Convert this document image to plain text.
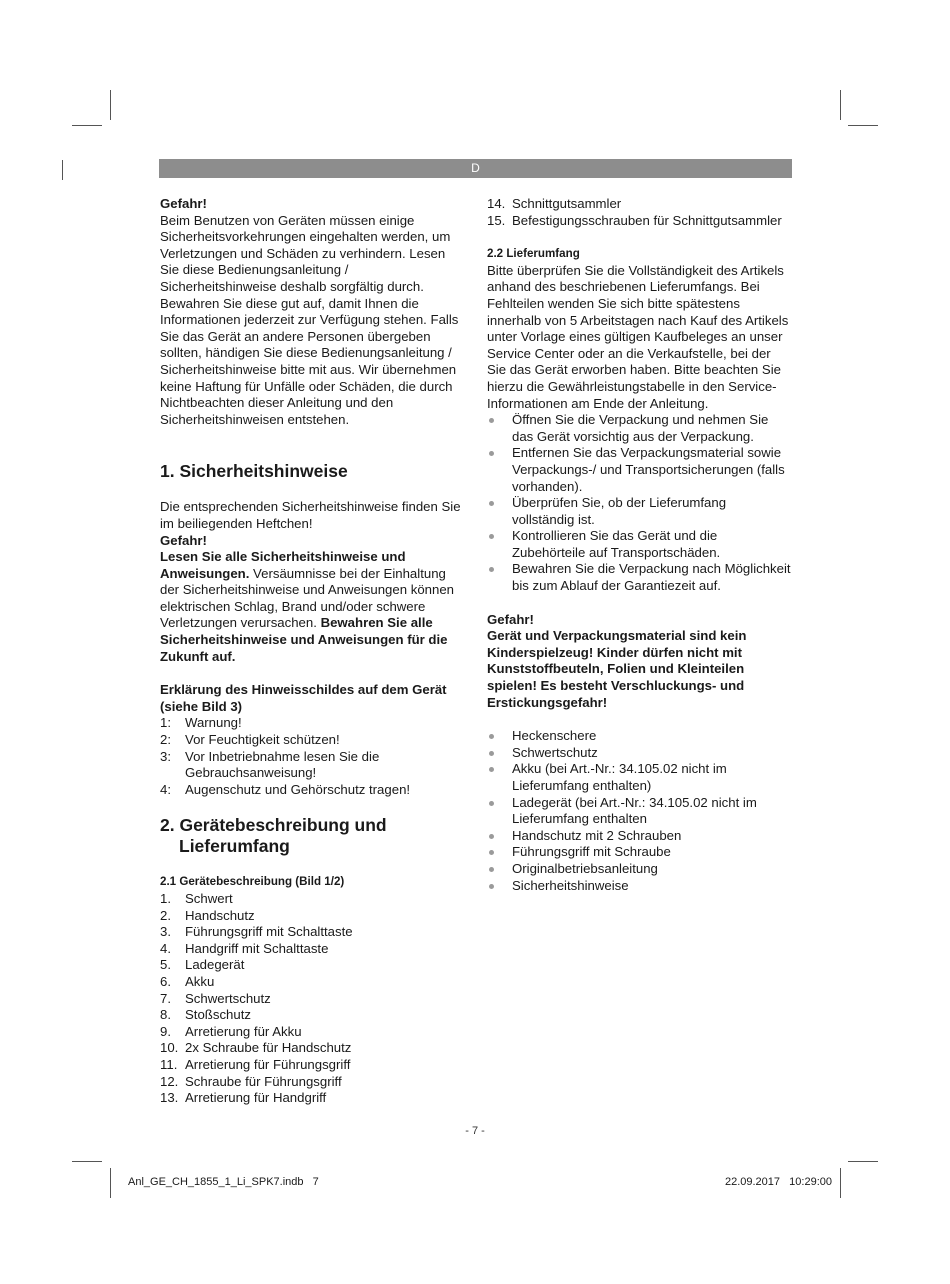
D

Gefahr!

Beim Benutzen von Geräten müssen einige Sicherheitsvorkehrungen eingehalten werden, um Verletzungen und Schäden zu verhindern. Lesen Sie diese Bedienungsanleitung / Sicherheitshinweise deshalb sorgfältig durch. Bewahren Sie diese gut auf, damit Ihnen die Informationen jederzeit zur Verfügung stehen. Falls Sie das Gerät an andere Personen übergeben sollten, händigen Sie diese Bedienungsanleitung / Sicherheitshinweise bitte mit aus. Wir übernehmen keine Haftung für Unfälle oder Schäden, die durch Nichtbeachten dieser Anleitung und den Sicherheitshinweisen entstehen.

1. Sicherheitshinweise

Die entsprechenden Sicherheitshinweise finden Sie im beiliegenden Heftchen!

Gefahr!

Lesen Sie alle Sicherheitshinweise und Anweisungen. Versäumnisse bei der Einhaltung der Sicherheitshinweise und Anweisungen können elektrischen Schlag, Brand und/oder schwere Verletzungen verursachen. Bewahren Sie alle Sicherheitshinweise und Anweisungen für die Zukunft auf.

Erklärung des Hinweisschildes auf dem Gerät (siehe Bild 3)

1: Warnung!
2: Vor Feuchtigkeit schützen!
3: Vor Inbetriebnahme lesen Sie die Gebrauchsanweisung!
4: Augenschutz und Gehörschutz tragen!
2. Gerätebeschreibung und
Lieferumfang

2.1 Gerätebeschreibung (Bild 1/2)

1. Schwert
2. Handschutz
3. Führungsgriff mit Schalttaste
4. Handgriff mit Schalttaste
5. Ladegerät
6. Akku
7. Schwertschutz
8. Stoßschutz
9. Arretierung für Akku
10. 2x Schraube für Handschutz
11. Arretierung für Führungsgriff
12. Schraube für Führungsgriff
13. Arretierung für Handgriff
14. Schnittgutsammler
15. Befestigungsschrauben für Schnittgutsammler

2.2 Lieferumfang

Bitte überprüfen Sie die Vollständigkeit des Artikels anhand des beschriebenen Lieferumfangs. Bei Fehlteilen wenden Sie sich bitte spätestens innerhalb von 5 Arbeitstagen nach Kauf des Artikels unter Vorlage eines gültigen Kaufbeleges an unser Service Center oder an die Verkaufstelle, bei der Sie das Gerät erworben haben. Bitte beachten Sie hierzu die Gewährleistungstabelle in den Service-Informationen am Ende der Anleitung.

Öffnen Sie die Verpackung und nehmen Sie das Gerät vorsichtig aus der Verpackung.
Entfernen Sie das Verpackungsmaterial sowie Verpackungs-/ und Transportsicherungen (falls vorhanden).
Überprüfen Sie, ob der Lieferumfang vollständig ist.
Kontrollieren Sie das Gerät und die Zubehörteile auf Transportschäden.
Bewahren Sie die Verpackung nach Möglichkeit bis zum Ablauf der Garantiezeit auf.

Gefahr!

Gerät und Verpackungsmaterial sind kein Kinderspielzeug! Kinder dürfen nicht mit Kunststoffbeuteln, Folien und Kleinteilen spielen! Es besteht Verschluckungs- und Erstickungsgefahr!

Heckenschere
Schwertschutz
Akku (bei Art.-Nr.: 34.105.02 nicht im Lieferumfang enthalten)
Ladegerät (bei Art.-Nr.: 34.105.02 nicht im Lieferumfang enthalten
Handschutz mit 2 Schrauben
Führungsgriff mit Schraube
Originalbetriebsanleitung
Sicherheitshinweise
- 7 -
Anl_GE_CH_1855_1_Li_SPK7.indb   7	22.09.2017   10:29:00
